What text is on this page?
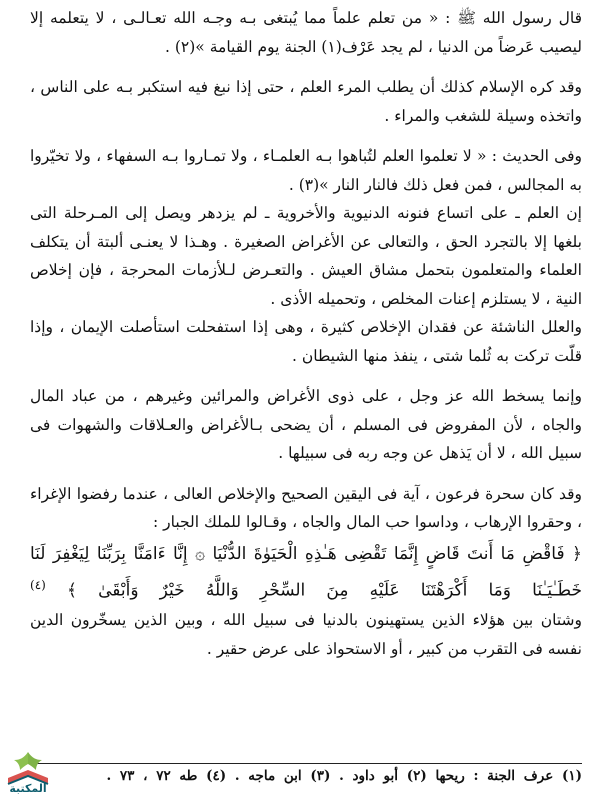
قال رسول الله ﷺ : « من تعلم علماً مما يُبتغى بـه وجـه الله تعـالـى ، لا يتعلمه إلا ليصيب عَرضاً من الدنيا ، لم يجد عَرْف(١) الجنة يوم القيامة »(٢) .

وقد كره الإسلام كذلك أن يطلب المرء العلم ، حتى إذا نبغ فيه استكبر بـه على الناس ، واتخذه وسيلة للشغب والمراء .

وفى الحديث : « لا تعلموا العلم لتُباهوا بـه العلمـاء ، ولا تمـاروا بـه السفهاء ، ولا تخيّروا به المجالس ، فمن فعل ذلك فالنار النار »(٣) .

إن العلم ـ على اتساع فنونه الدنيوية والأخروية ـ لم يزدهر ويصل إلى المـرحلة التى بلغها إلا بالتجرد الحق ، والتعالى عن الأغراض الصغيرة . وهـذا لا يعنـى ألبتة أن يتكلف العلماء والمتعلمون بتحمل مشاق العيش . والتعـرض لـلأزمات المحرجة ، فإن إخلاص النية ، لا يستلزم إعنات المخلص ، وتحميله الأذى .

والعلل الناشئة عن فقدان الإخلاص كثيرة ، وهى إذا استفحلت استأصلت الإيمان ، وإذا قلّت تركت به ثُلما شتى ، ينفذ منها الشيطان .

وإنما يسخط الله عز وجل ، على ذوى الأغراض والمرائين وغيرهم ، من عباد المال والجاه ، لأن المفروض فى المسلم ، أن يضحى بـالأغراض والعـلاقات والشهوات فى سبيل الله ، لا أن يَذهل عن وجه ربه فى سبيلها .

وقد كان سحرة فرعون ، آية فى اليقين الصحيح والإخلاص العالى ، عندما رفضوا الإغراء ، وحقروا الإرهاب ، وداسوا حب المال والجاه ، وقـالوا للملك الجبار :

﴿ فَاقْضِ مَا أَنتَ قَاضٍ إِنَّمَا تَقْضِى هَـٰذِهِ الْحَيَوٰةَ الدُّنْيَا ۞ إِنَّا ءَامَنَّا بِرَبِّنَا لِيَغْفِرَ لَنَا خَطَـٰيَـٰنَا وَمَا أَكْرَهْتَنَا عَلَيْهِ مِنَ السِّحْرِ وَاللَّهُ خَيْرٌ وَأَبْقَىٰ ﴾ $^{(٤)}$

وشتان بين هؤلاء الذين يستهينون بالدنيا فى سبيل الله ، وبين الذين يسخّرون الدين نفسه فى التقرب من كبير ، أو الاستحواذ على عرض حقير .

(١) عرف الجنة : ريحها (٢) أبو داود . (٣) ابن ماجه . (٤) طه ٧٢ ، ٧٣ .
المكتبة
